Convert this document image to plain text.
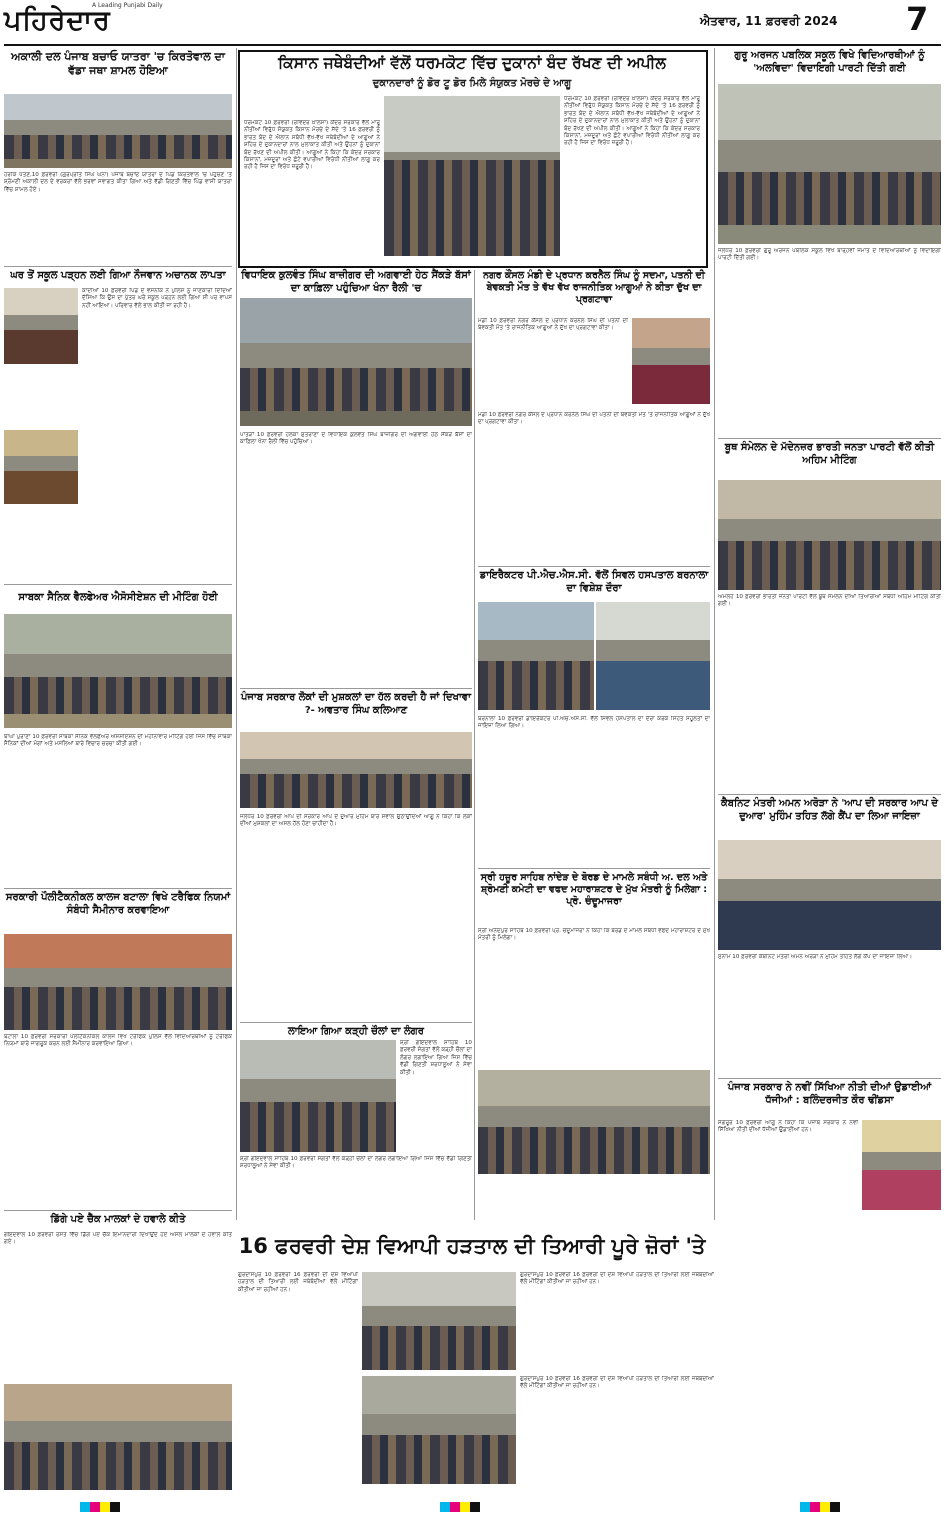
ਪਹਿਰੇਦਾਰ
A Leading Punjabi Daily
ਐਤਵਾਰ, 11 ਫ਼ਰਵਰੀ 2024 7
ਅਕਾਲੀ ਦਲ ਪੰਜਾਬ ਬਚਾਓ ਯਾਤਰਾ 'ਚ ਕਿਰਤੋਵਾਲ ਦਾ ਵੱਡਾ ਜਥਾ ਸ਼ਾਮਲ ਹੋਇਆ
ਹਰੀਕੇ ਪੱਤਣ,10 ਫ਼ਰਵਰੀ (ਗੁਰਪ੍ਰੀਤ ਸਿੰਘ ਘੋਨਾ) ਪੰਜਾਬ ਬਚਾਓ ਯਾਤਰਾ ਦੇ ਪਿੰਡ ਕਿਰਤੋਵਾਲ 'ਚ ਪਹੁੰਚਣ 'ਤੇ ਸ਼੍ਰੋਮਣੀ ਅਕਾਲੀ ਦਲ ਦੇ ਵਰਕਰਾਂ ਵੱਲੋਂ ਭਰਵਾਂ ਸਵਾਗਤ ਕੀਤਾ ਗਿਆ ਅਤੇ ਵੱਡੀ ਗਿਣਤੀ ਵਿੱਚ ਪਿੰਡ ਵਾਸੀ ਯਾਤਰਾ ਵਿੱਚ ਸ਼ਾਮਲ ਹੋਏ।
ਘਰ ਤੋਂ ਸਕੂਲ ਪੜ੍ਹਨ ਲਈ ਗਿਆ ਨੌਜਵਾਨ ਅਚਾਨਕ ਲਾਪਤਾ
ਕਾਦੀਆਂ 10 ਫ਼ਰਵਰੀ ਪਿੰਡ ਦੇ ਵਸਨੀਕ ਨੇ ਪੁਲਿਸ ਨੂੰ ਜਾਣਕਾਰੀ ਦਿੰਦਿਆਂ ਦੱਸਿਆ ਕਿ ਉਸ ਦਾ ਪੁੱਤਰ ਘਰੋਂ ਸਕੂਲ ਪੜ੍ਹਨ ਲਈ ਗਿਆ ਸੀ ਪਰ ਵਾਪਸ ਨਹੀਂ ਆਇਆ। ਪਰਿਵਾਰ ਵੱਲੋਂ ਭਾਲ ਕੀਤੀ ਜਾ ਰਹੀ ਹੈ।
ਸਾਬਕਾ ਸੈਨਿਕ ਵੈਲਫੇਅਰ ਐਸੋਸੀਏਸ਼ਨ ਦੀ ਮੀਟਿੰਗ ਹੋਈ
ਬਾਘਾ ਪੁਰਾਣਾ 10 ਫ਼ਰਵਰੀ ਸਾਬਕਾ ਸੈਨਿਕ ਵੈਲਫੇਅਰ ਐਸੋਸੀਏਸ਼ਨ ਦੀ ਮਹੀਨਾਵਾਰ ਮੀਟਿੰਗ ਹੋਈ ਜਿਸ ਵਿੱਚ ਸਾਬਕਾ ਸੈਨਿਕਾਂ ਦੀਆਂ ਮੰਗਾਂ ਅਤੇ ਮਸਲਿਆਂ ਬਾਰੇ ਵਿਚਾਰ ਚਰਚਾ ਕੀਤੀ ਗਈ।
ਸਰਕਾਰੀ ਪੌਲੀਟੈਕਨੀਕਲ ਕਾਲਜ ਬਟਾਲਾ ਵਿਖੇ ਟਰੈਫਿਕ ਨਿਯਮਾਂ ਸੰਬੰਧੀ ਸੈਮੀਨਾਰ ਕਰਵਾਇਆ
ਬਟਾਲਾ 10 ਫ਼ਰਵਰੀ ਸਰਕਾਰੀ ਪੌਲੀਟੈਕਨੀਕਲ ਕਾਲਜ ਵਿਖੇ ਟਰੈਫਿਕ ਪੁਲਿਸ ਵੱਲੋਂ ਵਿਦਿਆਰਥੀਆਂ ਨੂੰ ਟਰੈਫਿਕ ਨਿਯਮਾਂ ਬਾਰੇ ਜਾਗਰੂਕ ਕਰਨ ਲਈ ਸੈਮੀਨਾਰ ਕਰਵਾਇਆ ਗਿਆ।
ਡਿੱਗੇ ਪਏ ਚੈੱਕ ਮਾਲਕਾਂ ਦੇ ਹਵਾਲੇ ਕੀਤੇ
ਗੋਇੰਦਵਾਲ 10 ਫ਼ਰਵਰੀ ਰਸਤੇ ਵਿੱਚ ਡਿੱਗੇ ਪਏ ਚੈੱਕ ਇਮਾਨਦਾਰੀ ਦਿਖਾਉਂਦੇ ਹੋਏ ਅਸਲ ਮਾਲਕਾਂ ਦੇ ਹਵਾਲੇ ਕੀਤੇ ਗਏ।
ਕਿਸਾਨ ਜਥੇਬੰਦੀਆਂ ਵੱਲੋਂ ਧਰਮਕੋਟ ਵਿੱਚ ਦੁਕਾਨਾਂ ਬੰਦ ਰੱਖਣ ਦੀ ਅਪੀਲ
ਦੁਕਾਨਦਾਰਾਂ ਨੂੰ ਡੋਰ ਟੂ ਡੋਰ ਮਿਲੇ ਸੰਯੁਕਤ ਮੋਰਚੇ ਦੇ ਆਗੂ
ਧਰਮਕੋਟ 10 ਫ਼ਰਵਰੀ (ਰਵਿੰਦਰ ਖ਼ਾਲਸਾ) ਕੇਂਦਰ ਸਰਕਾਰ ਵੱਲੋਂ ਮਾਰੂ ਨੀਤੀਆਂ ਵਿਰੁੱਧ ਸੰਯੁਕਤ ਕਿਸਾਨ ਮੋਰਚੇ ਦੇ ਸੱਦੇ 'ਤੇ 16 ਫ਼ਰਵਰੀ ਨੂੰ ਭਾਰਤ ਬੰਦ ਦੇ ਐਲਾਨ ਸਬੰਧੀ ਵੱਖ-ਵੱਖ ਜਥੇਬੰਦੀਆਂ ਦੇ ਆਗੂਆਂ ਨੇ ਸ਼ਹਿਰ ਦੇ ਦੁਕਾਨਦਾਰਾਂ ਨਾਲ ਮੁਲਾਕਾਤ ਕੀਤੀ ਅਤੇ ਉਹਨਾਂ ਨੂੰ ਦੁਕਾਨਾਂ ਬੰਦ ਰੱਖਣ ਦੀ ਅਪੀਲ ਕੀਤੀ। ਆਗੂਆਂ ਨੇ ਕਿਹਾ ਕਿ ਕੇਂਦਰ ਸਰਕਾਰ ਕਿਸਾਨਾਂ, ਮਜ਼ਦੂਰਾਂ ਅਤੇ ਛੋਟੇ ਵਪਾਰੀਆਂ ਵਿਰੋਧੀ ਨੀਤੀਆਂ ਲਾਗੂ ਕਰ ਰਹੀ ਹੈ ਜਿਸ ਦਾ ਵਿਰੋਧ ਜ਼ਰੂਰੀ ਹੈ।
ਧਰਮਕੋਟ 10 ਫ਼ਰਵਰੀ (ਰਵਿੰਦਰ ਖ਼ਾਲਸਾ) ਕੇਂਦਰ ਸਰਕਾਰ ਵੱਲੋਂ ਮਾਰੂ ਨੀਤੀਆਂ ਵਿਰੁੱਧ ਸੰਯੁਕਤ ਕਿਸਾਨ ਮੋਰਚੇ ਦੇ ਸੱਦੇ 'ਤੇ 16 ਫ਼ਰਵਰੀ ਨੂੰ ਭਾਰਤ ਬੰਦ ਦੇ ਐਲਾਨ ਸਬੰਧੀ ਵੱਖ-ਵੱਖ ਜਥੇਬੰਦੀਆਂ ਦੇ ਆਗੂਆਂ ਨੇ ਸ਼ਹਿਰ ਦੇ ਦੁਕਾਨਦਾਰਾਂ ਨਾਲ ਮੁਲਾਕਾਤ ਕੀਤੀ ਅਤੇ ਉਹਨਾਂ ਨੂੰ ਦੁਕਾਨਾਂ ਬੰਦ ਰੱਖਣ ਦੀ ਅਪੀਲ ਕੀਤੀ। ਆਗੂਆਂ ਨੇ ਕਿਹਾ ਕਿ ਕੇਂਦਰ ਸਰਕਾਰ ਕਿਸਾਨਾਂ, ਮਜ਼ਦੂਰਾਂ ਅਤੇ ਛੋਟੇ ਵਪਾਰੀਆਂ ਵਿਰੋਧੀ ਨੀਤੀਆਂ ਲਾਗੂ ਕਰ ਰਹੀ ਹੈ ਜਿਸ ਦਾ ਵਿਰੋਧ ਜ਼ਰੂਰੀ ਹੈ।
ਵਿਧਾਇਕ ਕੁਲਵੰਤ ਸਿੰਘ ਬਾਜ਼ੀਗਰ ਦੀ ਅਗਵਾਈ ਹੇਠ ਸੈਂਕੜੇ ਬੱਸਾਂ ਦਾ ਕਾਫ਼ਿਲਾ ਪਹੁੰਚਿਆ ਖੰਨਾ ਰੈਲੀ 'ਚ
ਪਾਤੜਾਂ 10 ਫ਼ਰਵਰੀ ਹਲਕਾ ਸ਼ੁਤਰਾਣਾ ਦੇ ਵਿਧਾਇਕ ਕੁਲਵੰਤ ਸਿੰਘ ਬਾਜ਼ੀਗਰ ਦੀ ਅਗਵਾਈ ਹੇਠ ਸੈਂਕੜੇ ਬੱਸਾਂ ਦਾ ਕਾਫ਼ਿਲਾ ਖੰਨਾ ਰੈਲੀ ਵਿੱਚ ਪਹੁੰਚਿਆ।
ਪੰਜਾਬ ਸਰਕਾਰ ਲੋਕਾਂ ਦੀ ਮੁਸ਼ਕਲਾਂ ਦਾ ਹੱਲ ਕਰਦੀ ਹੈ ਜਾਂ ਦਿਖਾਵਾ ?- ਅਵਤਾਰ ਸਿੰਘ ਕਲਿਆਣ
ਜਲੰਧਰ 10 ਫ਼ਰਵਰੀ ਆਪ ਦੀ ਸਰਕਾਰ ਆਪ ਦੇ ਦੁਆਰ ਮੁਹਿੰਮ ਬਾਰੇ ਸਵਾਲ ਉਠਾਉਂਦਿਆਂ ਆਗੂ ਨੇ ਕਿਹਾ ਕਿ ਲੋਕਾਂ ਦੀਆਂ ਮੁਸ਼ਕਲਾਂ ਦਾ ਅਸਲ ਹੱਲ ਹੋਣਾ ਚਾਹੀਦਾ ਹੈ।
ਲਾਇਆ ਗਿਆ ਕੜ੍ਹੀ ਚੌਲਾਂ ਦਾ ਲੰਗਰ
ਸ਼੍ਰੀ ਗੋਇੰਦਵਾਲ ਸਾਹਿਬ 10 ਫ਼ਰਵਰੀ ਸੰਗਤਾਂ ਵੱਲੋਂ ਕੜ੍ਹੀ ਚੌਲਾਂ ਦਾ ਲੰਗਰ ਲਗਾਇਆ ਗਿਆ ਜਿਸ ਵਿੱਚ ਵੱਡੀ ਗਿਣਤੀ ਸ਼ਰਧਾਲੂਆਂ ਨੇ ਸੇਵਾ ਕੀਤੀ।
ਸ਼੍ਰੀ ਗੋਇੰਦਵਾਲ ਸਾਹਿਬ 10 ਫ਼ਰਵਰੀ ਸੰਗਤਾਂ ਵੱਲੋਂ ਕੜ੍ਹੀ ਚੌਲਾਂ ਦਾ ਲੰਗਰ ਲਗਾਇਆ ਗਿਆ ਜਿਸ ਵਿੱਚ ਵੱਡੀ ਗਿਣਤੀ ਸ਼ਰਧਾਲੂਆਂ ਨੇ ਸੇਵਾ ਕੀਤੀ।
ਨਗਰ ਕੌਂਸਲ ਮੰਡੀ ਦੇ ਪ੍ਰਧਾਨ ਕਰਨੈਲ ਸਿੰਘ ਨੂੰ ਸਦਮਾ, ਪਤਨੀ ਦੀ ਬੇਵਕਤੀ ਮੌਤ ਤੇ ਵੱਖ ਵੱਖ ਰਾਜਨੀਤਿਕ ਆਗੂਆਂ ਨੇ ਕੀਤਾ ਦੁੱਖ ਦਾ ਪ੍ਰਗਟਾਵਾ
ਮੰਡੀ 10 ਫ਼ਰਵਰੀ ਨਗਰ ਕੌਂਸਲ ਦੇ ਪ੍ਰਧਾਨ ਕਰਨੈਲ ਸਿੰਘ ਦੀ ਪਤਨੀ ਦੀ ਬੇਵਕਤੀ ਮੌਤ 'ਤੇ ਰਾਜਨੀਤਿਕ ਆਗੂਆਂ ਨੇ ਦੁੱਖ ਦਾ ਪ੍ਰਗਟਾਵਾ ਕੀਤਾ।
ਮੰਡੀ 10 ਫ਼ਰਵਰੀ ਨਗਰ ਕੌਂਸਲ ਦੇ ਪ੍ਰਧਾਨ ਕਰਨੈਲ ਸਿੰਘ ਦੀ ਪਤਨੀ ਦੀ ਬੇਵਕਤੀ ਮੌਤ 'ਤੇ ਰਾਜਨੀਤਿਕ ਆਗੂਆਂ ਨੇ ਦੁੱਖ ਦਾ ਪ੍ਰਗਟਾਵਾ ਕੀਤਾ।
ਡਾਇਰੈਕਟਰ ਪੀ.ਐਚ.ਐਸ.ਸੀ. ਵੱਲੋਂ ਸਿਵਲ ਹਸਪਤਾਲ ਬਰਨਾਲਾ ਦਾ ਵਿਸ਼ੇਸ਼ ਦੌਰਾ
ਬਰਨਾਲਾ 10 ਫ਼ਰਵਰੀ ਡਾਇਰੈਕਟਰ ਪੀ.ਐਚ.ਐਸ.ਸੀ. ਵੱਲੋਂ ਸਿਵਲ ਹਸਪਤਾਲ ਦਾ ਦੌਰਾ ਕਰਕੇ ਸਿਹਤ ਸਹੂਲਤਾਂ ਦਾ ਜਾਇਜ਼ਾ ਲਿਆ ਗਿਆ।
ਸ੍ਰੀ ਹਜ਼ੂਰ ਸਾਹਿਬ ਨਾਂਦੇੜ ਦੇ ਬੋਰਡ ਦੇ ਮਾਮਲੇ ਸਬੰਧੀ ਅ. ਦਲ ਅਤੇ ਸ਼੍ਰੋਮਣੀ ਕਮੇਟੀ ਦਾ ਵਫਦ ਮਹਾਰਾਸ਼ਟਰ ਦੇ ਮੁੱਖ ਮੰਤਰੀ ਨੂੰ ਮਿਲੇਗਾ : ਪ੍ਰੋ. ਚੰਦੂਮਾਜਰਾ
ਸ੍ਰੀ ਅਨੰਦਪੁਰ ਸਾਹਿਬ 10 ਫ਼ਰਵਰੀ ਪ੍ਰੋ. ਚੰਦੂਮਾਜਰਾ ਨੇ ਕਿਹਾ ਕਿ ਬੋਰਡ ਦੇ ਮਾਮਲੇ ਸਬੰਧੀ ਵਫਦ ਮਹਾਰਾਸ਼ਟਰ ਦੇ ਮੁੱਖ ਮੰਤਰੀ ਨੂੰ ਮਿਲੇਗਾ।
ਗੁਰੂ ਅਰਜਨ ਪਬਲਿਕ ਸਕੂਲ ਵਿਖੇ ਵਿਦਿਆਰਥੀਆਂ ਨੂੰ 'ਅਲਵਿਦਾ' ਵਿਦਾਇਗੀ ਪਾਰਟੀ ਦਿੱਤੀ ਗਈ
ਜਲੰਧਰ 10 ਫ਼ਰਵਰੀ ਗੁਰੂ ਅਰਜਨ ਪਬਲਿਕ ਸਕੂਲ ਵਿਖੇ ਬਾਰ੍ਹਵੀਂ ਜਮਾਤ ਦੇ ਵਿਦਿਆਰਥੀਆਂ ਨੂੰ ਵਿਦਾਇਗੀ ਪਾਰਟੀ ਦਿੱਤੀ ਗਈ।
ਬੂਥ ਸੰਮੇਲਨ ਦੇ ਮੱਦੇਨਜ਼ਰ ਭਾਰਤੀ ਜਨਤਾ ਪਾਰਟੀ ਵੱਲੋਂ ਕੀਤੀ ਅਹਿਮ ਮੀਟਿੰਗ
ਅਮਲੋਹ 10 ਫ਼ਰਵਰੀ ਭਾਰਤੀ ਜਨਤਾ ਪਾਰਟੀ ਵੱਲੋਂ ਬੂਥ ਸੰਮੇਲਨ ਦੀਆਂ ਤਿਆਰੀਆਂ ਸਬੰਧੀ ਅਹਿਮ ਮੀਟਿੰਗ ਕੀਤੀ ਗਈ।
ਕੈਬਨਿਟ ਮੰਤਰੀ ਅਮਨ ਅਰੋੜਾ ਨੇ 'ਆਪ ਦੀ ਸਰਕਾਰ ਆਪ ਦੇ ਦੁਆਰ' ਮੁਹਿੰਮ ਤਹਿਤ ਲੱਗੇ ਕੈਂਪ ਦਾ ਲਿਆ ਜਾਇਜ਼ਾ
ਸੁਨਾਮ 10 ਫ਼ਰਵਰੀ ਕੈਬਨਿਟ ਮੰਤਰੀ ਅਮਨ ਅਰੋੜਾ ਨੇ ਮੁਹਿੰਮ ਤਹਿਤ ਲੱਗੇ ਕੈਂਪ ਦਾ ਜਾਇਜ਼ਾ ਲਿਆ।
ਪੰਜਾਬ ਸਰਕਾਰ ਨੇ ਨਵੀਂ ਸਿੱਖਿਆ ਨੀਤੀ ਦੀਆਂ ਉਡਾਈਆਂ ਧੱਜੀਆਂ : ਬਲਿੰਦਰਜੀਤ ਕੌਰ ਢੀਂਡਸਾ
ਸੰਗਰੂਰ 10 ਫ਼ਰਵਰੀ ਆਗੂ ਨੇ ਕਿਹਾ ਕਿ ਪੰਜਾਬ ਸਰਕਾਰ ਨੇ ਨਵੀਂ ਸਿੱਖਿਆ ਨੀਤੀ ਦੀਆਂ ਧੱਜੀਆਂ ਉਡਾਈਆਂ ਹਨ।
16 ਫਰਵਰੀ ਦੇਸ਼ ਵਿਆਪੀ ਹੜਤਾਲ ਦੀ ਤਿਆਰੀ ਪੂਰੇ ਜ਼ੋਰਾਂ 'ਤੇ
ਗੁਰਦਾਸਪੁਰ 10 ਫ਼ਰਵਰੀ 16 ਫ਼ਰਵਰੀ ਦੀ ਦੇਸ਼ ਵਿਆਪੀ ਹੜਤਾਲ ਦੀ ਤਿਆਰੀ ਲਈ ਜਥੇਬੰਦੀਆਂ ਵੱਲੋਂ ਮੀਟਿੰਗਾਂ ਕੀਤੀਆਂ ਜਾ ਰਹੀਆਂ ਹਨ।
ਗੁਰਦਾਸਪੁਰ 10 ਫ਼ਰਵਰੀ 16 ਫ਼ਰਵਰੀ ਦੀ ਦੇਸ਼ ਵਿਆਪੀ ਹੜਤਾਲ ਦੀ ਤਿਆਰੀ ਲਈ ਜਥੇਬੰਦੀਆਂ ਵੱਲੋਂ ਮੀਟਿੰਗਾਂ ਕੀਤੀਆਂ ਜਾ ਰਹੀਆਂ ਹਨ।
ਗੁਰਦਾਸਪੁਰ 10 ਫ਼ਰਵਰੀ 16 ਫ਼ਰਵਰੀ ਦੀ ਦੇਸ਼ ਵਿਆਪੀ ਹੜਤਾਲ ਦੀ ਤਿਆਰੀ ਲਈ ਜਥੇਬੰਦੀਆਂ ਵੱਲੋਂ ਮੀਟਿੰਗਾਂ ਕੀਤੀਆਂ ਜਾ ਰਹੀਆਂ ਹਨ।
